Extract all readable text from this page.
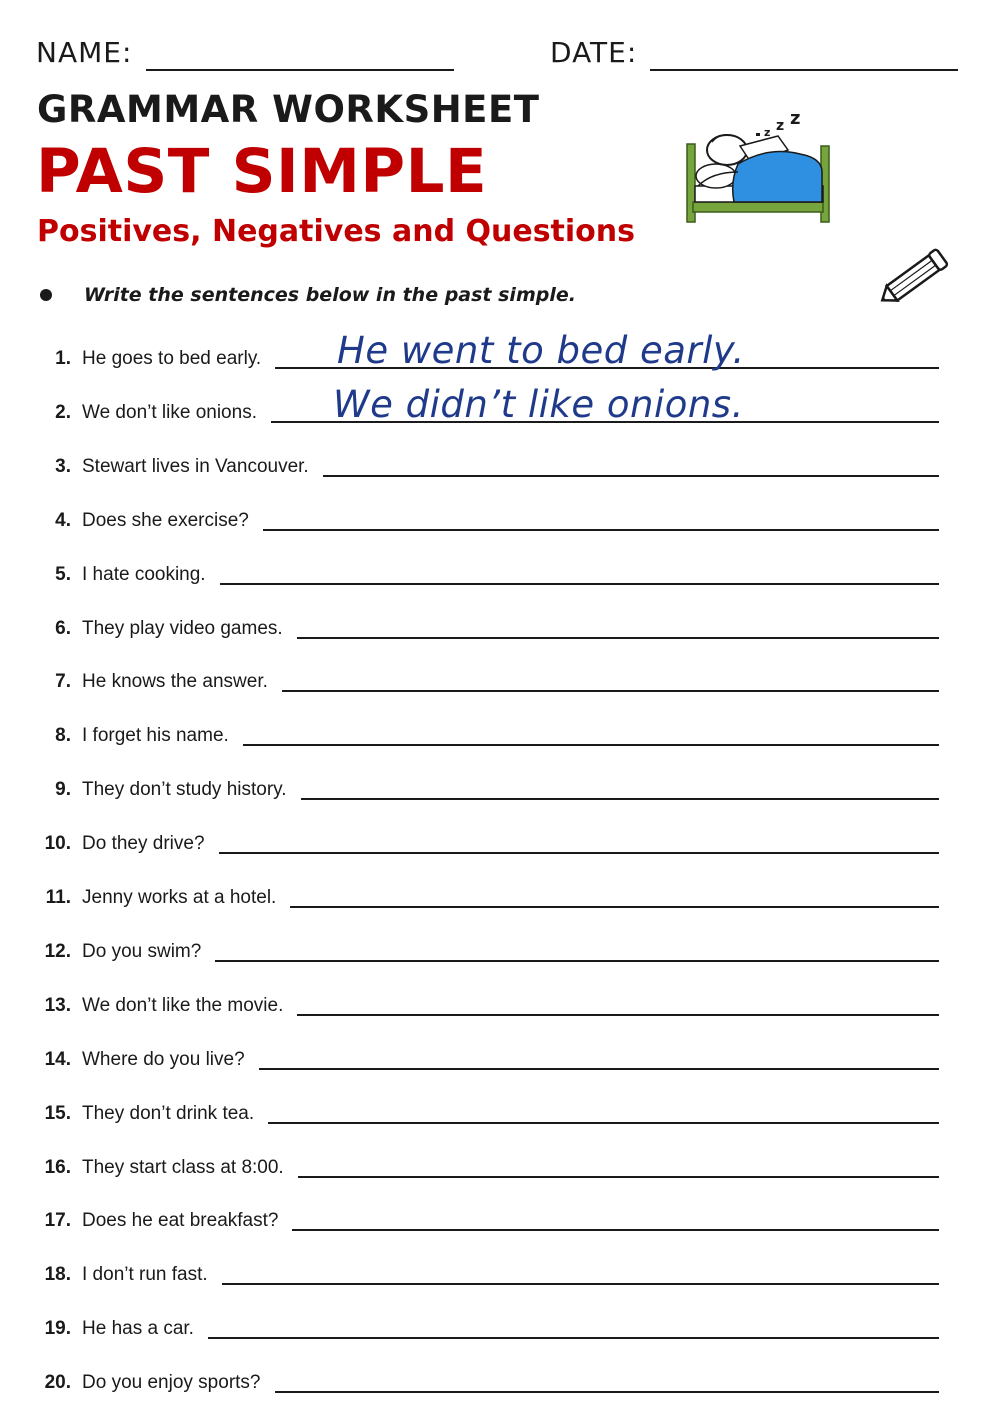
NAME:	DATE:
GRAMMAR WORKSHEET
PAST SIMPLE
Positives, Negatives and Questions
z z z
Write the sentences below in the past simple.
1. He goes to bed early. He went to bed early.
2. We don’t like onions. We didn’t like onions.
3. Stewart lives in Vancouver.
4. Does she exercise?
5. I hate cooking.
6. They play video games.
7. He knows the answer.
8. I forget his name.
9. They don’t study history.
10. Do they drive?
11. Jenny works at a hotel.
12. Do you swim?
13. We don’t like the movie.
14. Where do you live?
15. They don’t drink tea.
16. They start class at 8:00.
17. Does he eat breakfast?
18. I don’t run fast.
19. He has a car.
20. Do you enjoy sports?
